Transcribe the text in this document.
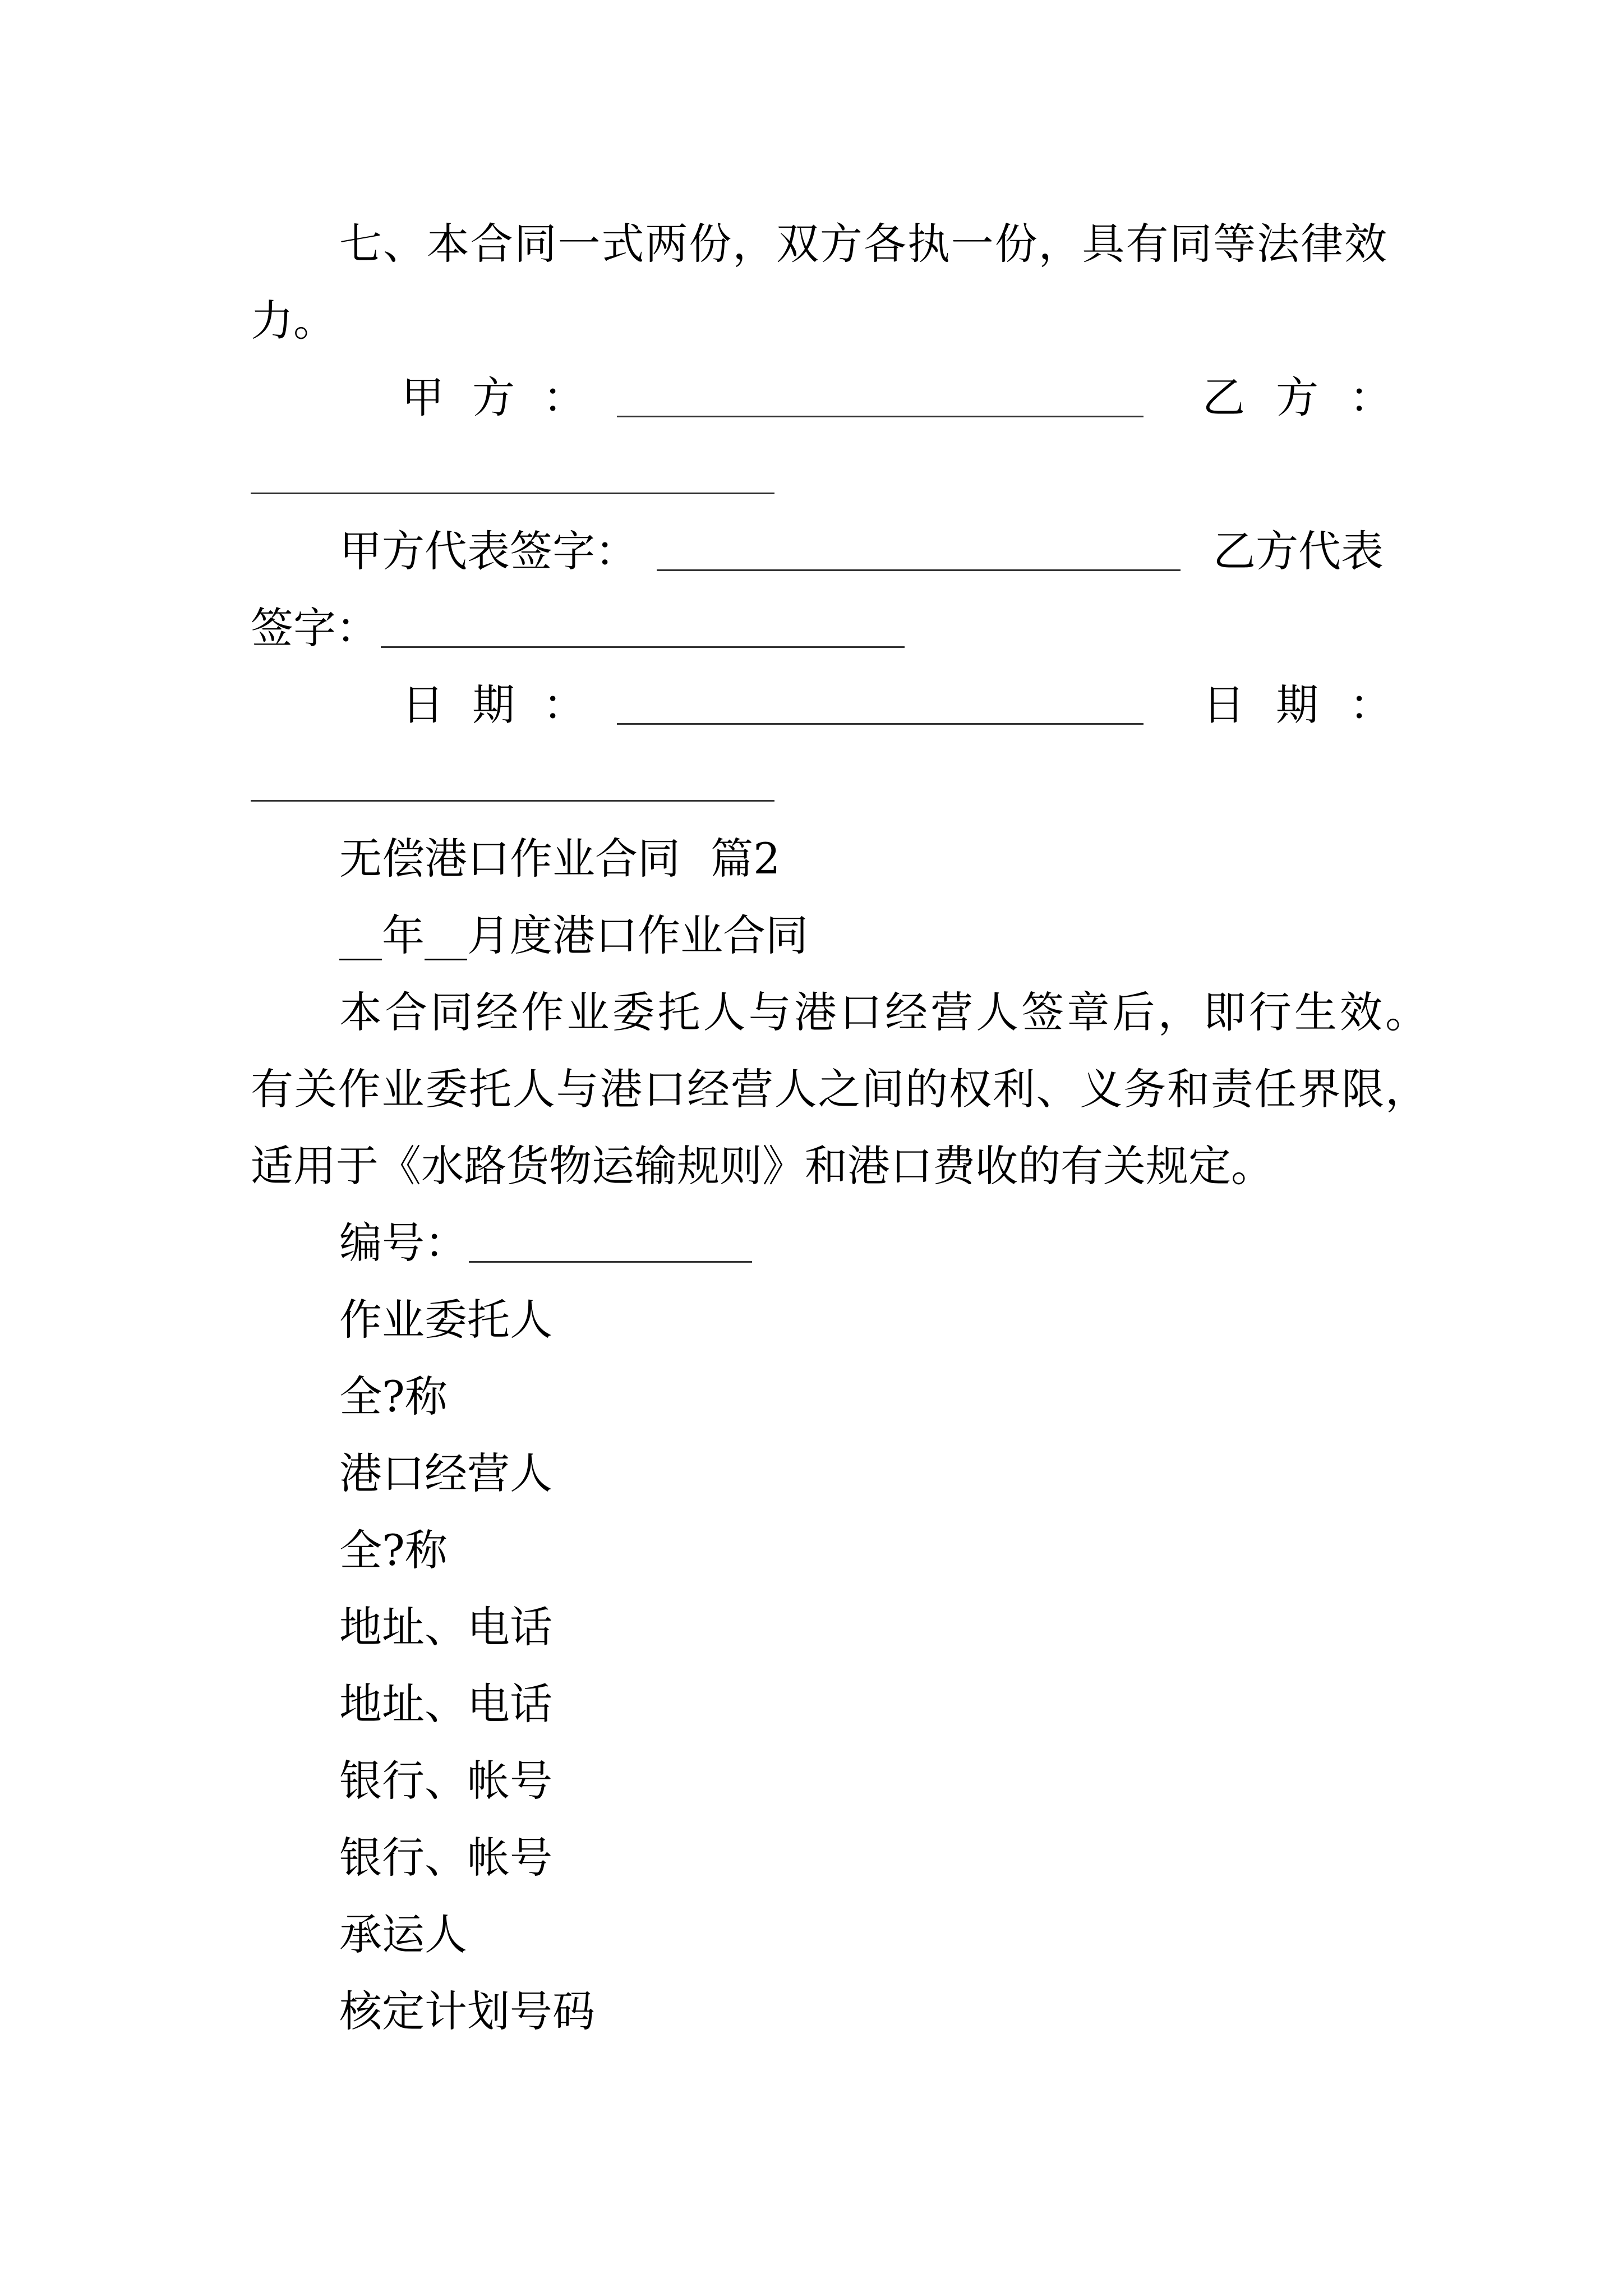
七、本合同一式两份，双方各执一份，具有同等法律效
力。
甲方：	乙方：
甲方代表签字：	乙方代表
签字：
日期：	日期：
无偿港口作业合同 篇2
__年__月度港口作业合同
本合同经作业委托人与港口经营人签章后，即行生效。
有关作业委托人与港口经营人之间的权利、义务和责任界限，
适用于《水路货物运输规则》和港口费收的有关规定。
编号：
作业委托人
全?称
港口经营人
全?称
地址、电话
地址、电话
银行、帐号
银行、帐号
承运人
核定计划号码
